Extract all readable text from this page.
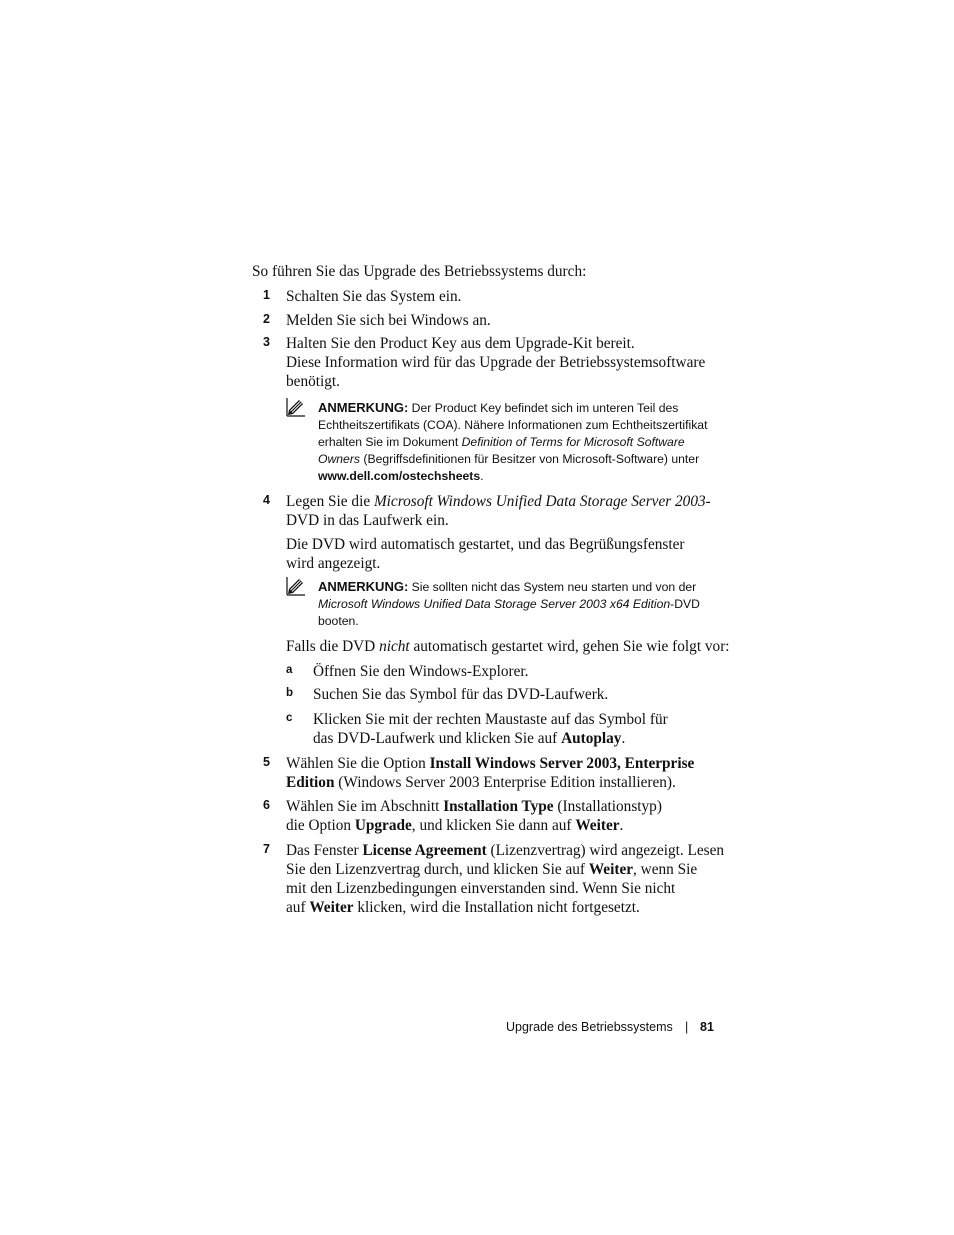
So führen Sie das Upgrade des Betriebssystems durch:
1 Schalten Sie das System ein.
2 Melden Sie sich bei Windows an.
3 Halten Sie den Product Key aus dem Upgrade-Kit bereit.
Diese Information wird für das Upgrade der Betriebssystemsoftware
benötigt.
ANMERKUNG: Der Product Key befindet sich im unteren Teil des
Echtheitszertifikats (COA). Nähere Informationen zum Echtheitszertifikat
erhalten Sie im Dokument Definition of Terms for Microsoft Software
Owners (Begriffsdefinitionen für Besitzer von Microsoft-Software) unter
www.dell.com/ostechsheets.
4 Legen Sie die Microsoft Windows Unified Data Storage Server 2003-
DVD in das Laufwerk ein.
Die DVD wird automatisch gestartet, und das Begrüßungsfenster
wird angezeigt.
ANMERKUNG: Sie sollten nicht das System neu starten und von der
Microsoft Windows Unified Data Storage Server 2003 x64 Edition-DVD
booten.
Falls die DVD nicht automatisch gestartet wird, gehen Sie wie folgt vor:
a Öffnen Sie den Windows-Explorer.
b Suchen Sie das Symbol für das DVD-Laufwerk.
c Klicken Sie mit der rechten Maustaste auf das Symbol für
das DVD-Laufwerk und klicken Sie auf Autoplay.
5 Wählen Sie die Option Install Windows Server 2003, Enterprise
Edition (Windows Server 2003 Enterprise Edition installieren).
6 Wählen Sie im Abschnitt Installation Type (Installationstyp)
die Option Upgrade, und klicken Sie dann auf Weiter.
7 Das Fenster License Agreement (Lizenzvertrag) wird angezeigt. Lesen
Sie den Lizenzvertrag durch, und klicken Sie auf Weiter, wenn Sie
mit den Lizenzbedingungen einverstanden sind. Wenn Sie nicht
auf Weiter klicken, wird die Installation nicht fortgesetzt.
Upgrade des Betriebssystems | 81
